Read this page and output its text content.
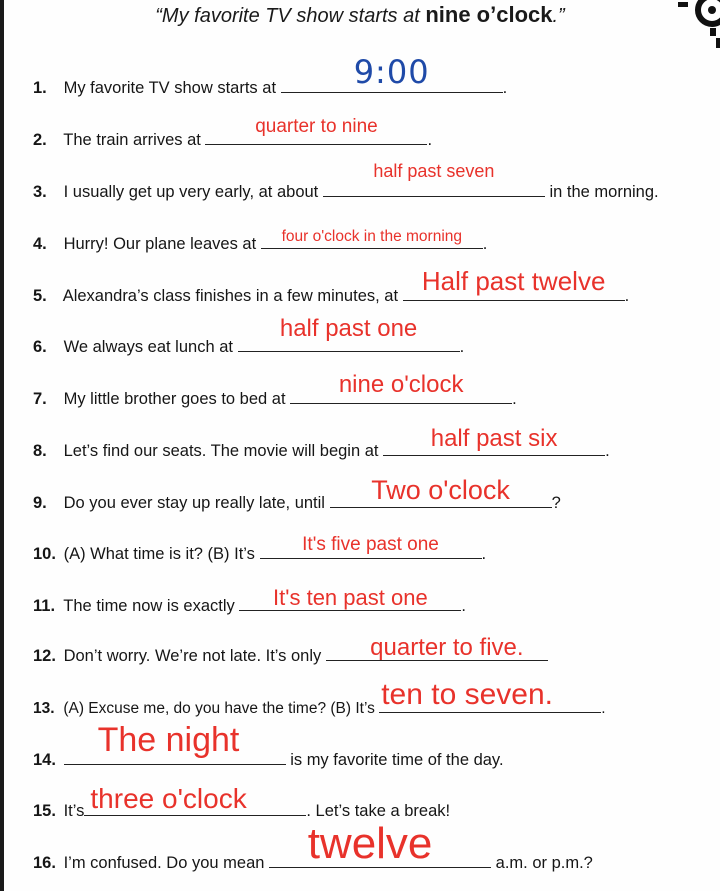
“My favorite TV show starts at nine o’clock.”
1. My favorite TV show starts at	9:00	.
2. The train arrives at
quarter to nine
.
3. I usually get up very early, at about
half past seven
in the morning.
4. Hurry! Our plane leaves at	four o'clock in the morning	.
5. Alexandra’s class finishes in a few minutes, at Half past twelve	.
6. We always eat lunch at
half past one
.
7. My little brother goes to bed at
nine o'clock
.
8. Let’s find our seats. The movie will begin at	half past six	.
9. Do you ever stay up really late, until	Two o'clock	?
10. (A) What time is it? (B) It’s	It's five past one	.
11. The time now is exactly	It's ten past one	.
12. Don’t worry. We’re not late. It’s only	quarter to five.
13. (A) Excuse me, do you have the time? (B) It’s ten to seven.	.
14.
The night
is my favorite time of the day.
15. It’s three o'clock	. Let’s take a break!
16. I’m confused. Do you mean twelve	a.m. or p.m.?
